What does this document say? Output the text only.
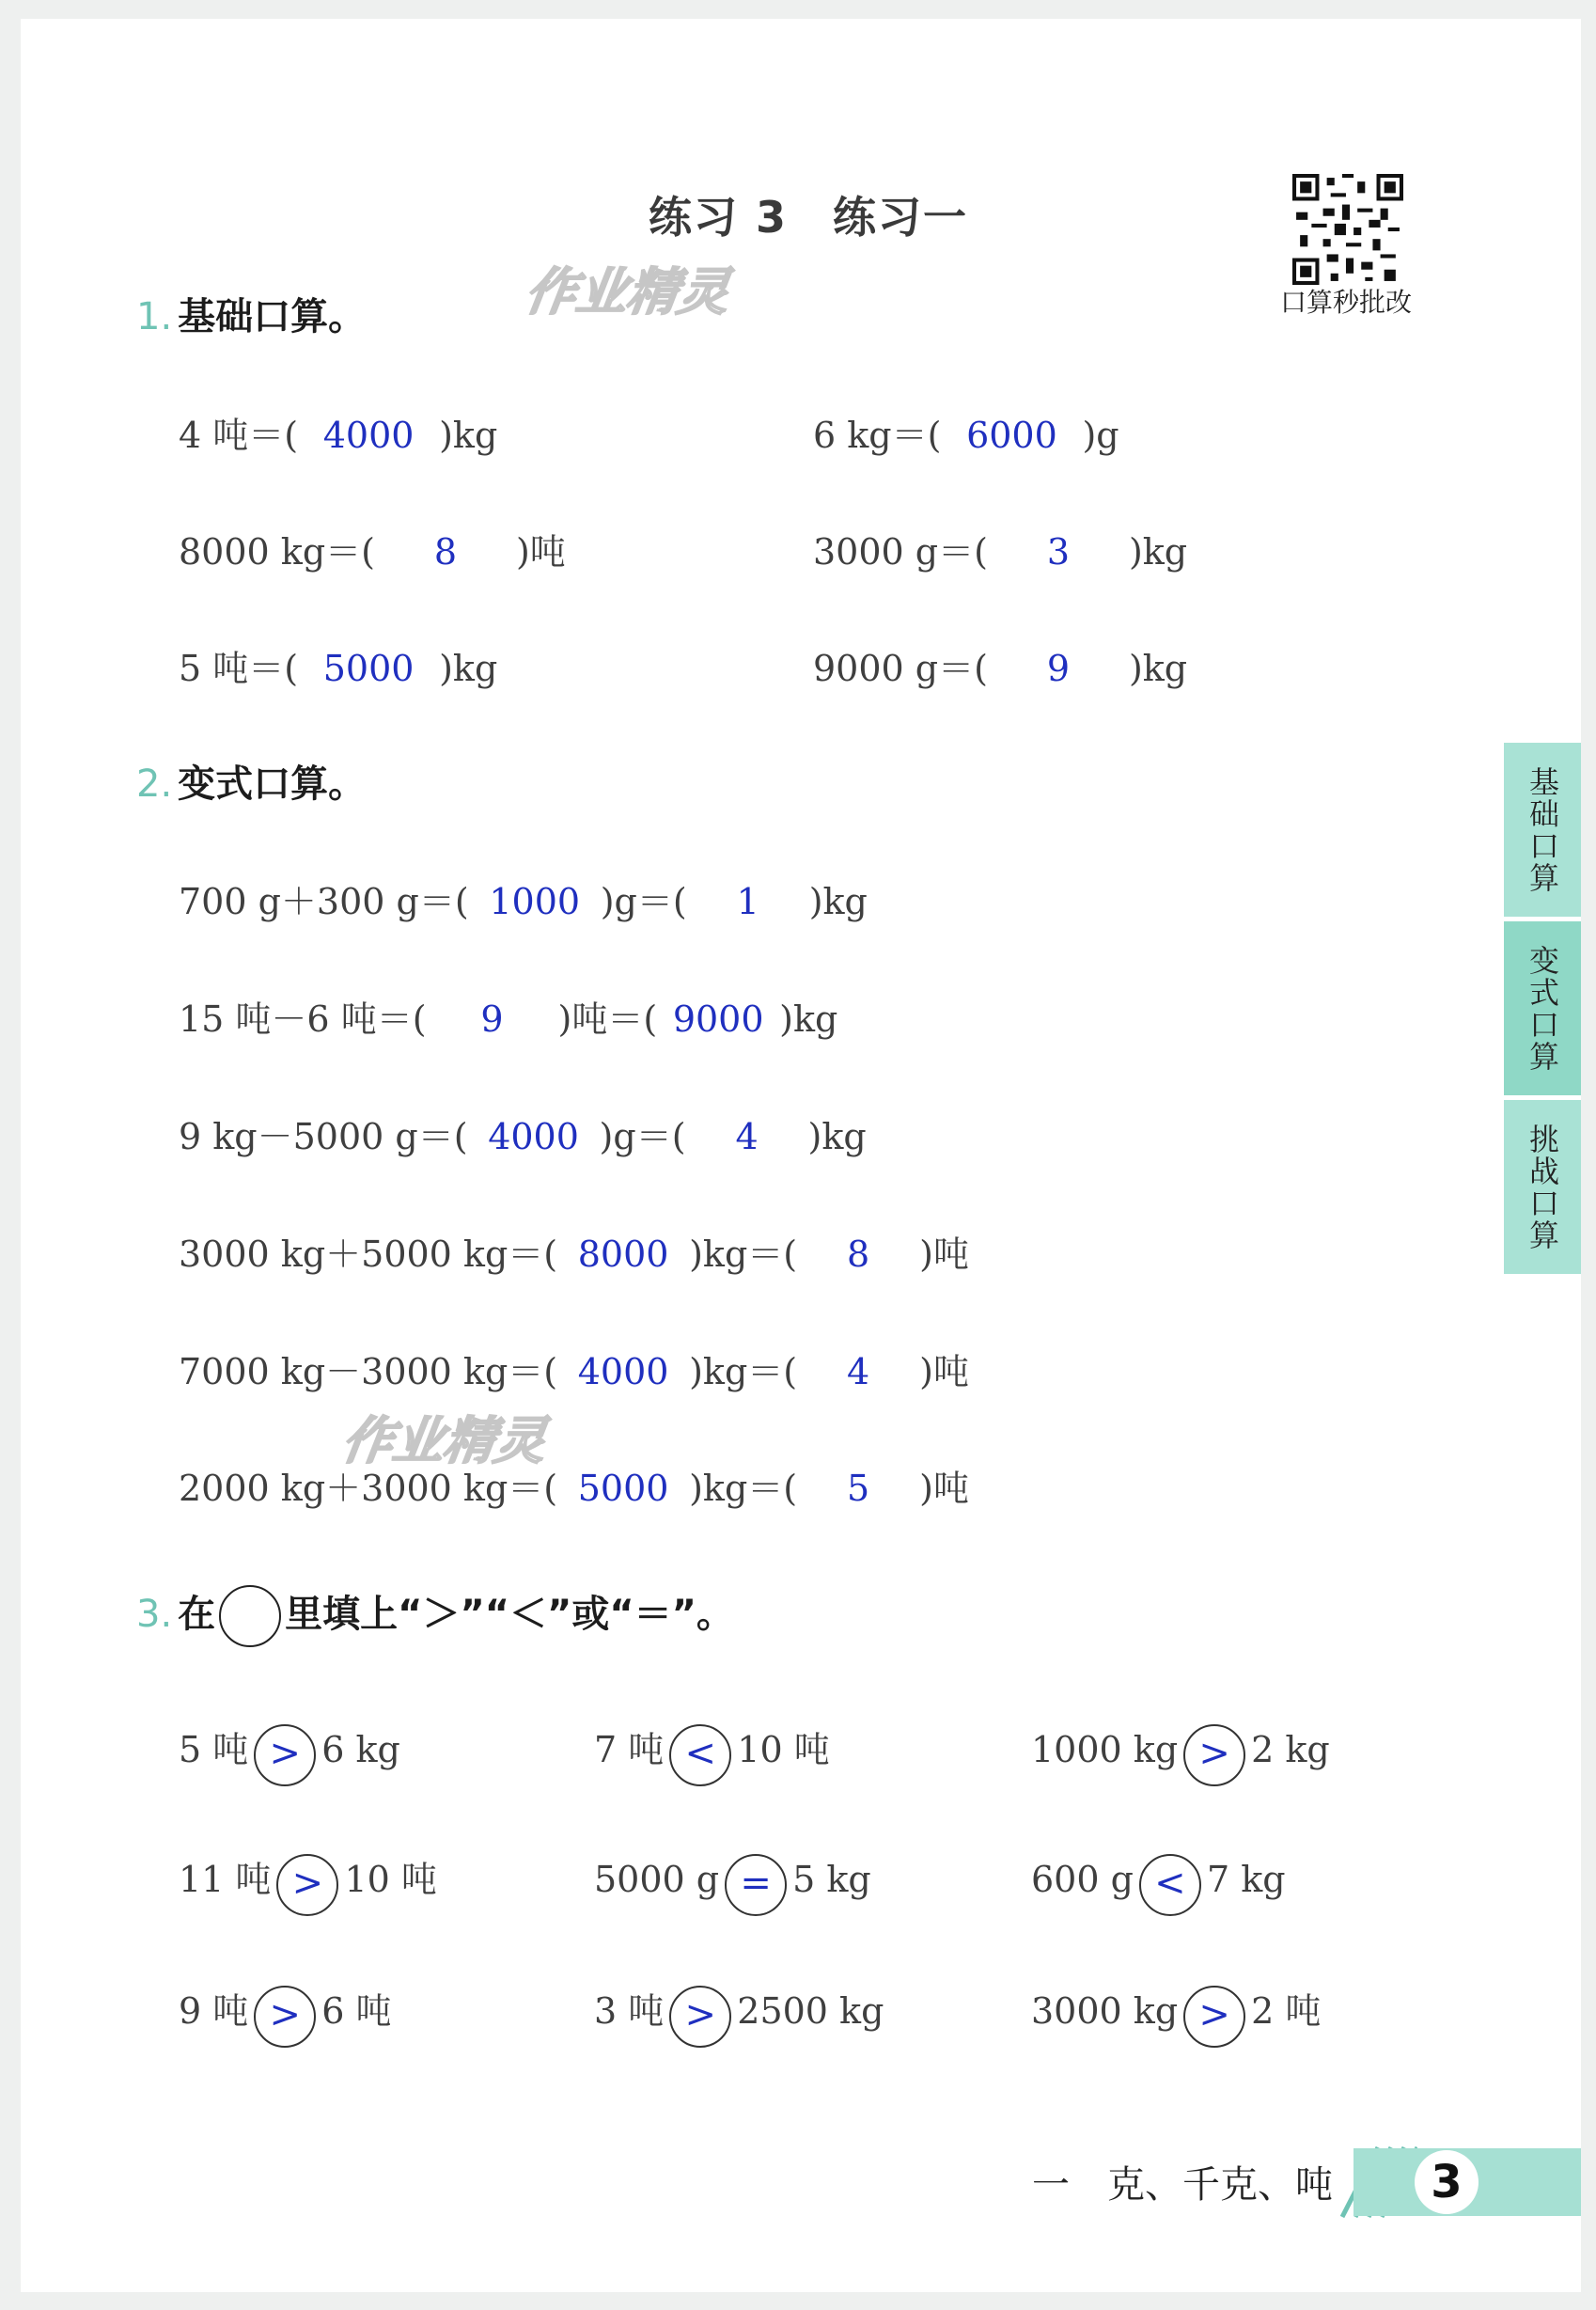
练习 3　练习一
口算秒批改
作业精灵
作业精灵
1. 基础口算。
4 吨＝( 4000 )kg	6 kg＝( 6000 )g
8000 kg＝(	8	)吨	3000 g＝(	3	)kg
5 吨＝( 5000 )kg	9000 g＝(	9	)kg
2. 变式口算。
700 g＋300 g＝( 1000 )g＝(	1	)kg
15 吨－6 吨＝(	9	)吨＝( 9000 )kg
9 kg－5000 g＝( 4000 )g＝(	4	)kg
3000 kg＋5000 kg＝( 8000 )kg＝(	8	)吨
7000 kg－3000 kg＝( 4000 )kg＝(	4	)吨
2000 kg＋3000 kg＝( 5000 )kg＝(	5	)吨
3. 在 里填上“＞”“＜”或“＝”。
5 吨 > 6 kg	7 吨 < 10 吨	1000 kg > 2 kg
11 吨 > 10 吨	5000 g = 5 kg	600 g < 7 kg
9 吨 > 6 吨	3 吨 > 2500 kg	3000 kg > 2 吨
基础口算
变式口算
挑战口算
一　克、千克、吨	3
